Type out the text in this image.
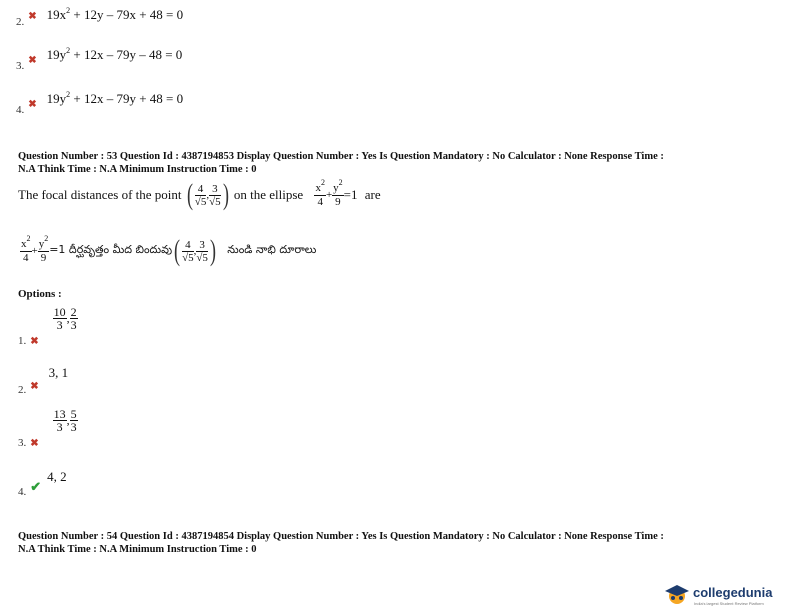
$_{2.}$ ✖ $19x^2 + 12y - 79x + 48 = 0$
$_{3.}$ $_✖$ $19y^2 + 12x - 79y - 48 = 0$
$_{4.}$ $_✖$ $19y^2 + 12x - 79y + 48 = 0$
Question Number : 53 Question Id : 4387194853 Display Question Number : Yes Is Question Mandatory : No Calculator : None Response Time :
N.A Think Time : N.A Minimum Instruction Time : 0
The focal distances of the point ( $\frac{4}{√5}$ , $\frac{3}{√5}$ ) on the ellipse $\frac{x^2}{4} + \frac{y^2}{9} =1$ are
$\frac{x^2}{4} + \frac{y^2}{9} =1$ దీర్ఘవృత్తం మీద బిందువు( $\frac{4}{√5}$ , $\frac{3}{√5}$ ) నుండి నాభి దూరాలు
Options :
$_{1.}$ $_✖$
$\frac{10}{3}$ , $\frac{2}{3}$
$_{2.}$ $_✖$ 3, 1
$_{3.}$ $_✖$
$\frac{13}{3}$ , $\frac{5}{3}$
$_{4.}$ $_✔$ 4, 2
Question Number : 54 Question Id : 4387194854 Display Question Number : Yes Is Question Mandatory : No Calculator : None Response Time :
N.A Think Time : N.A Minimum Instruction Time : 0
collegedunia
India's largest Student Review Platform
